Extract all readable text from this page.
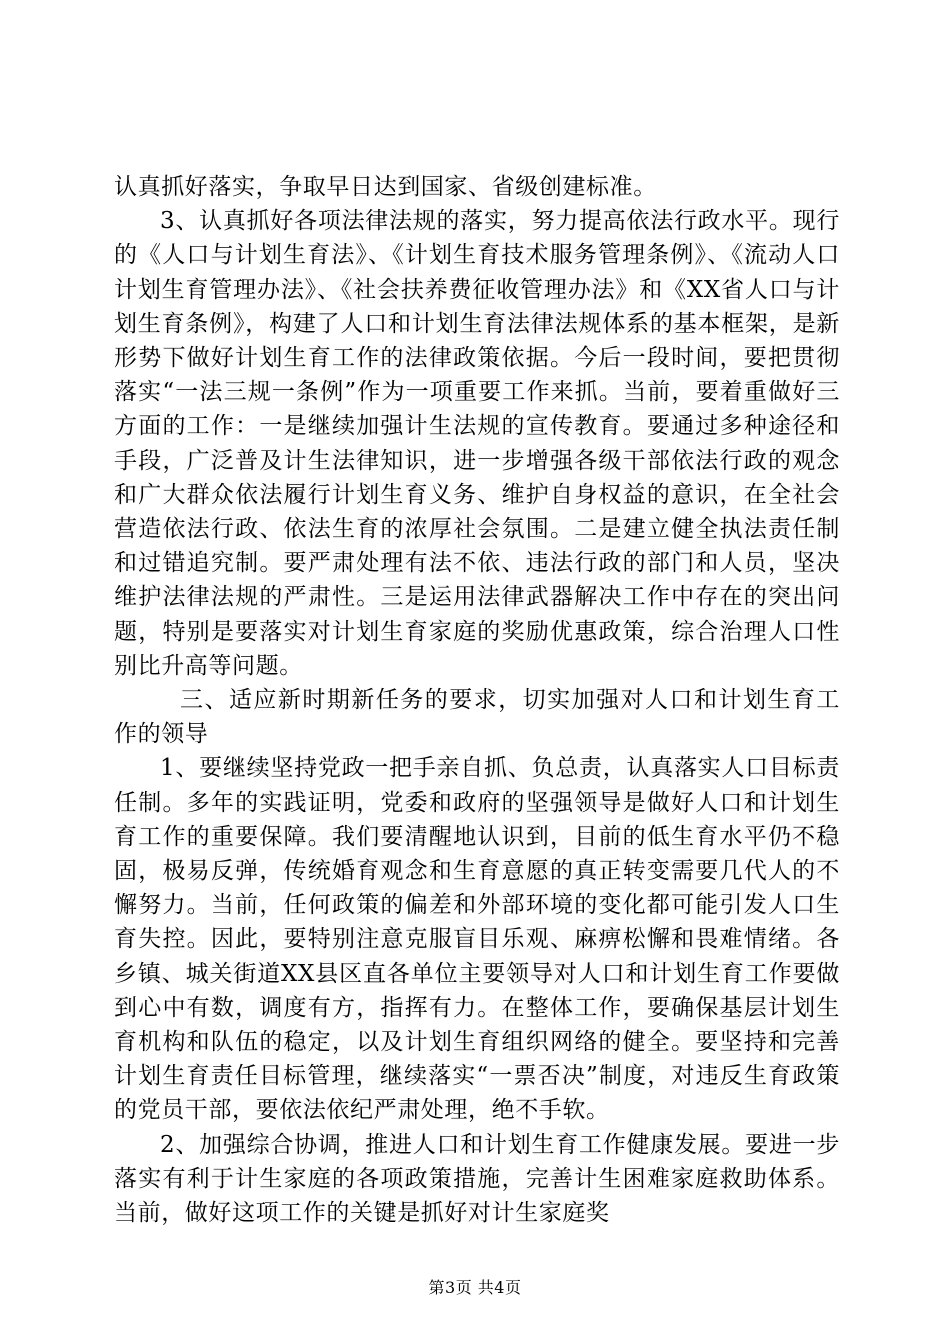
认真抓好落实，争取早日达到国家、省级创建标准。

3、认真抓好各项法律法规的落实，努力提高依法行政水平。现行的《人口与计划生育法》、《计划生育技术服务管理条例》、《流动人口计划生育管理办法》、《社会扶养费征收管理办法》和《XX省人口与计划生育条例》，构建了人口和计划生育法律法规体系的基本框架，是新形势下做好计划生育工作的法律政策依据。今后一段时间，要把贯彻落实“一法三规一条例”作为一项重要工作来抓。当前，要着重做好三方面的工作：一是继续加强计生法规的宣传教育。要通过多种途径和手段，广泛普及计生法律知识，进一步增强各级干部依法行政的观念和广大群众依法履行计划生育义务、维护自身权益的意识，在全社会营造依法行政、依法生育的浓厚社会氛围。二是建立健全执法责任制和过错追究制。要严肃处理有法不依、违法行政的部门和人员，坚决维护法律法规的严肃性。三是运用法律武器解决工作中存在的突出问题，特别是要落实对计划生育家庭的奖励优惠政策，综合治理人口性别比升高等问题。

三、适应新时期新任务的要求，切实加强对人口和计划生育工作的领导

1、要继续坚持党政一把手亲自抓、负总责，认真落实人口目标责任制。多年的实践证明，党委和政府的坚强领导是做好人口和计划生育工作的重要保障。我们要清醒地认识到，目前的低生育水平仍不稳固，极易反弹，传统婚育观念和生育意愿的真正转变需要几代人的不懈努力。当前，任何政策的偏差和外部环境的变化都可能引发人口生育失控。因此，要特别注意克服盲目乐观、麻痹松懈和畏难情绪。各乡镇、城关街道XX县区直各单位主要领导对人口和计划生育工作要做到心中有数，调度有方，指挥有力。在整体工作，要确保基层计划生育机构和队伍的稳定，以及计划生育组织网络的健全。要坚持和完善计划生育责任目标管理，继续落实“一票否决”制度，对违反生育政策的党员干部，要依法依纪严肃处理，绝不手软。

2、加强综合协调，推进人口和计划生育工作健康发展。要进一步落实有利于计生家庭的各项政策措施，完善计生困难家庭救助体系。当前，做好这项工作的关键是抓好对计生家庭奖

第3页 共4页
